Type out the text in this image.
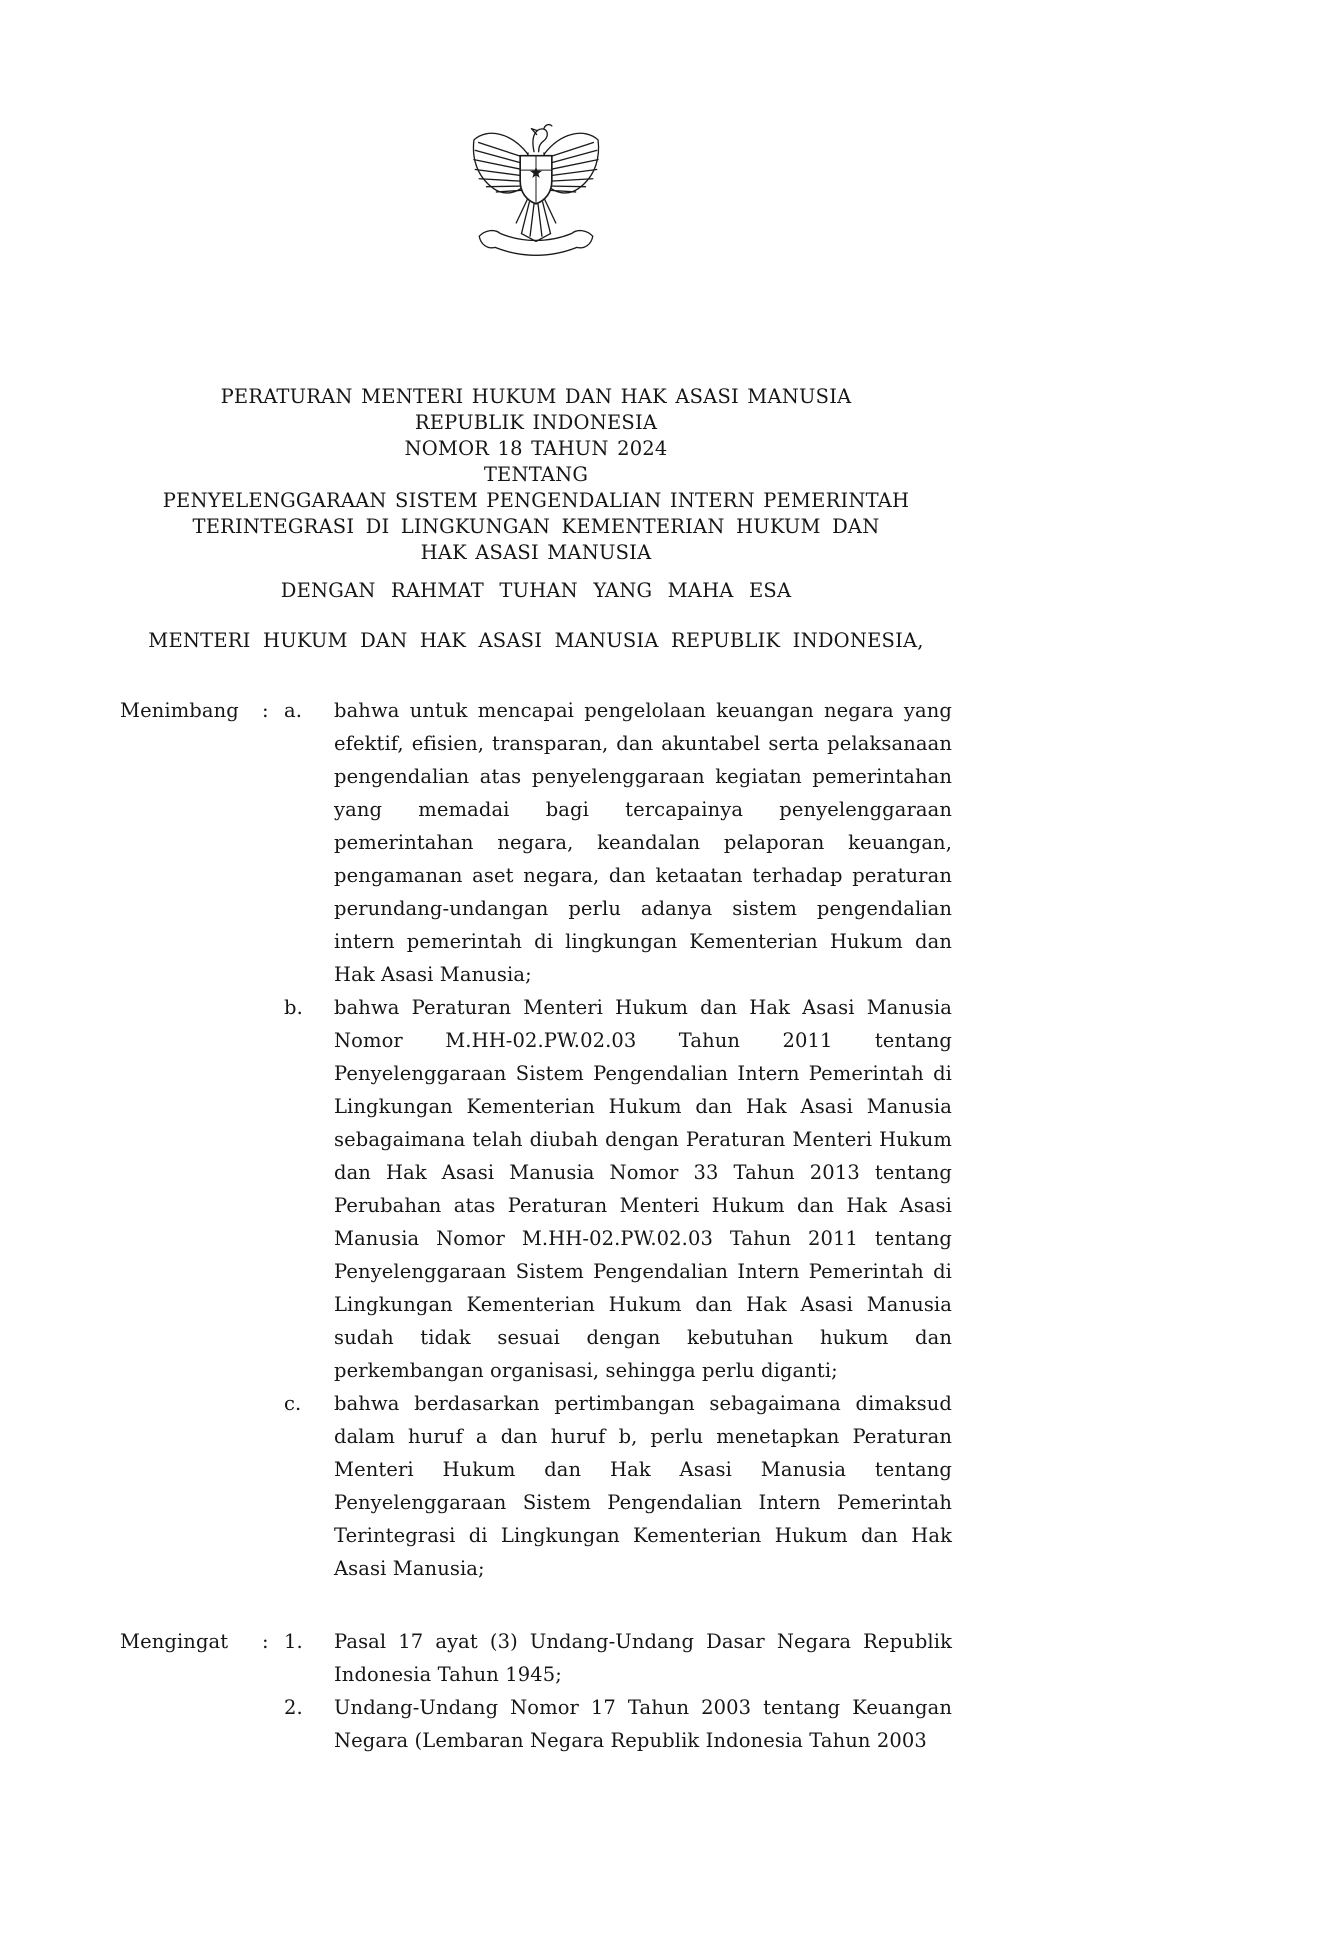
PERATURAN MENTERI HUKUM DAN HAK ASASI MANUSIA
REPUBLIK INDONESIA
NOMOR 18 TAHUN 2024
TENTANG
PENYELENGGARAAN SISTEM PENGENDALIAN INTERN PEMERINTAH
TERINTEGRASI DI LINGKUNGAN KEMENTERIAN HUKUM DAN
HAK ASASI MANUSIA
DENGAN RAHMAT TUHAN YANG MAHA ESA
MENTERI HUKUM DAN HAK ASASI MANUSIA REPUBLIK INDONESIA,
Menimbang	: a.	bahwa untuk mencapai pengelolaan keuangan negara yang efektif, efisien, transparan, dan akuntabel serta pelaksanaan pengendalian atas penyelenggaraan kegiatan pemerintahan yang memadai bagi tercapainya penyelenggaraan pemerintahan negara, keandalan pelaporan keuangan, pengamanan aset negara, dan ketaatan terhadap peraturan perundang-undangan perlu adanya sistem pengendalian intern pemerintah di lingkungan Kementerian Hukum dan Hak Asasi Manusia;
b.	bahwa Peraturan Menteri Hukum dan Hak Asasi Manusia Nomor M.HH-02.PW.02.03 Tahun 2011 tentang Penyelenggaraan Sistem Pengendalian Intern Pemerintah di Lingkungan Kementerian Hukum dan Hak Asasi Manusia sebagaimana telah diubah dengan Peraturan Menteri Hukum dan Hak Asasi Manusia Nomor 33 Tahun 2013 tentang Perubahan atas Peraturan Menteri Hukum dan Hak Asasi Manusia Nomor M.HH-02.PW.02.03 Tahun 2011 tentang Penyelenggaraan Sistem Pengendalian Intern Pemerintah di Lingkungan Kementerian Hukum dan Hak Asasi Manusia sudah tidak sesuai dengan kebutuhan hukum dan perkembangan organisasi, sehingga perlu diganti;
c.	bahwa berdasarkan pertimbangan sebagaimana dimaksud dalam huruf a dan huruf b, perlu menetapkan Peraturan Menteri Hukum dan Hak Asasi Manusia tentang Penyelenggaraan Sistem Pengendalian Intern Pemerintah Terintegrasi di Lingkungan Kementerian Hukum dan Hak Asasi Manusia;
Mengingat	: 1.	Pasal 17 ayat (3) Undang-Undang Dasar Negara Republik Indonesia Tahun 1945;
2.	Undang-Undang Nomor 17 Tahun 2003 tentang Keuangan Negara (Lembaran Negara Republik Indonesia Tahun 2003
